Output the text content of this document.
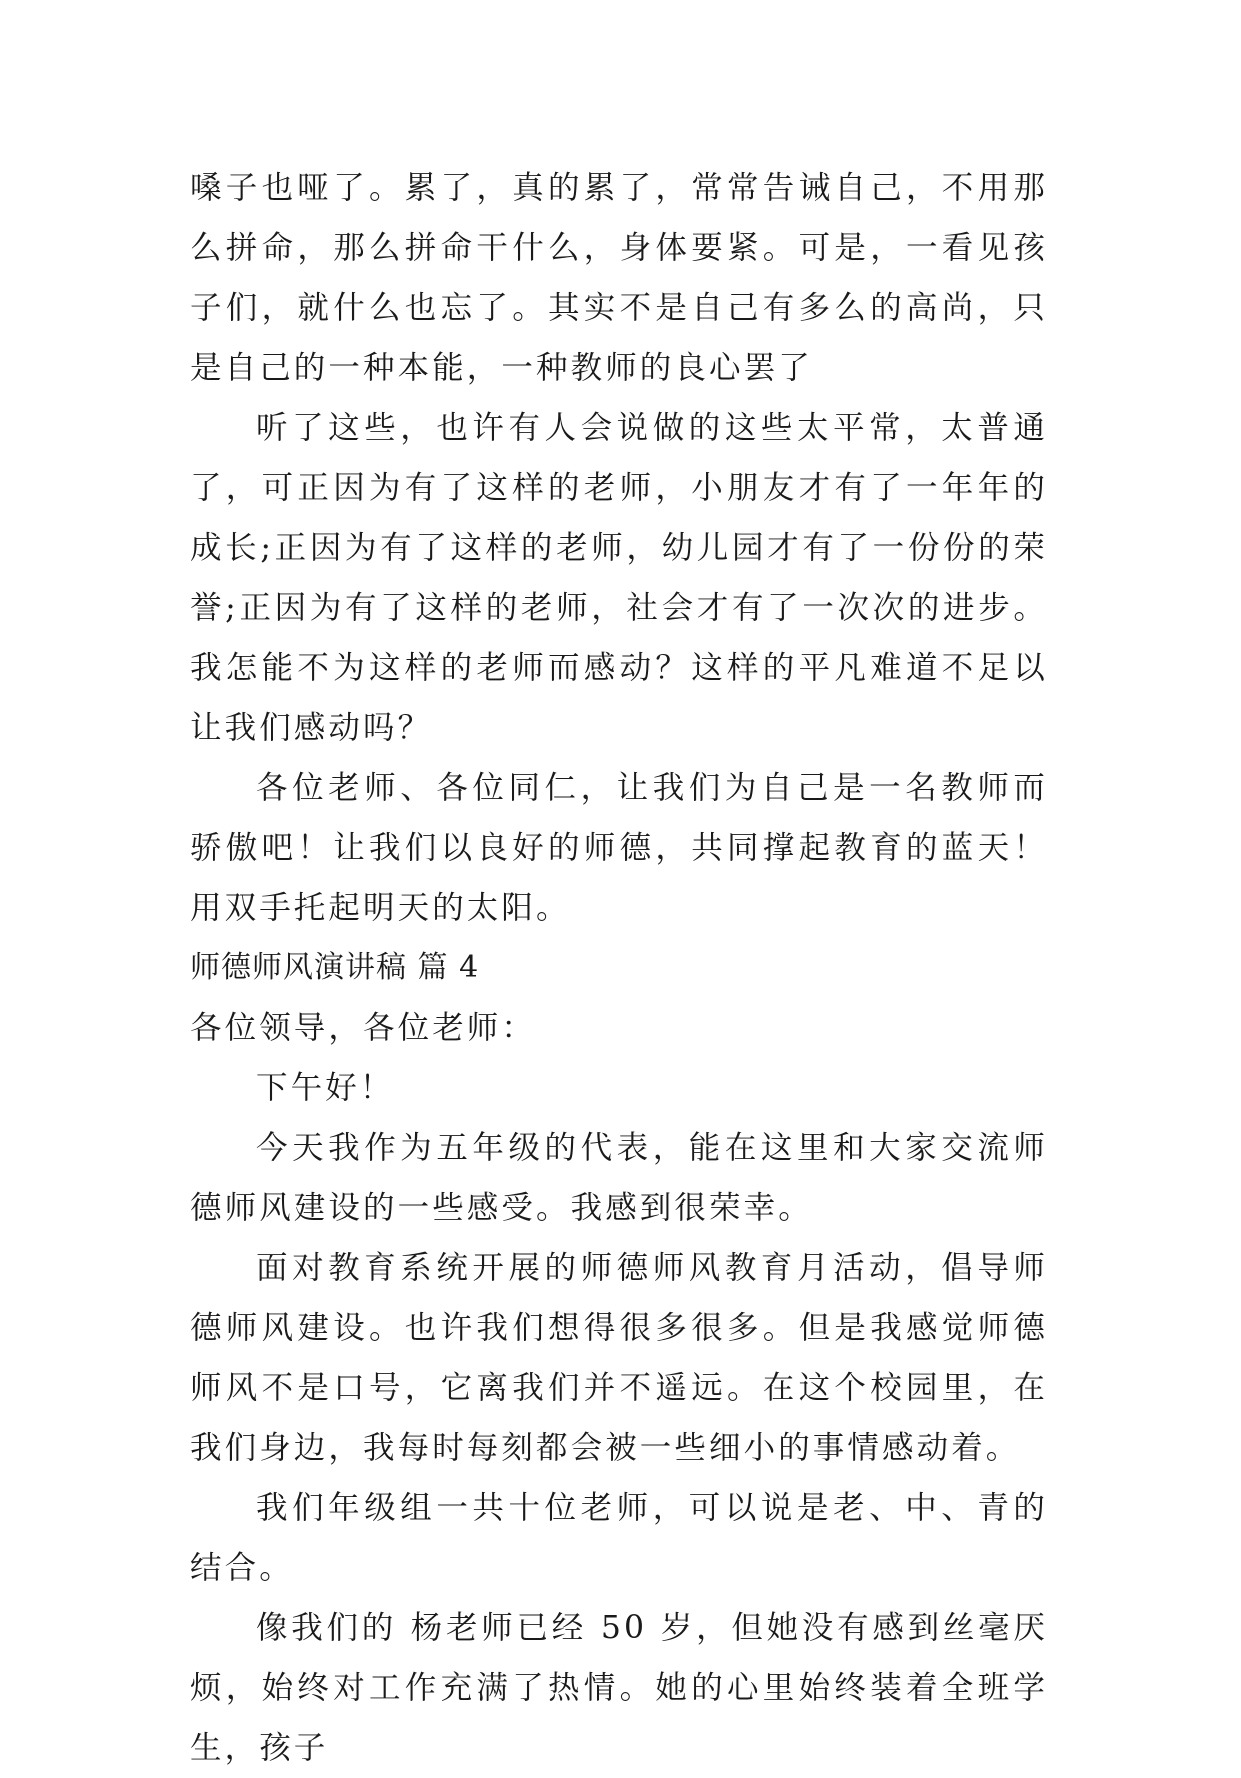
嗓子也哑了。累了，真的累了，常常告诫自己，不用那么拼命，那么拼命干什么，身体要紧。可是，一看见孩子们，就什么也忘了。其实不是自己有多么的高尚，只是自己的一种本能，一种教师的良心罢了

听了这些，也许有人会说做的这些太平常，太普通了，可正因为有了这样的老师，小朋友才有了一年年的成长;正因为有了这样的老师，幼儿园才有了一份份的荣誉;正因为有了这样的老师，社会才有了一次次的进步。我怎能不为这样的老师而感动？这样的平凡难道不足以让我们感动吗？

各位老师、各位同仁，让我们为自己是一名教师而骄傲吧！让我们以良好的师德，共同撑起教育的蓝天！用双手托起明天的太阳。

师德师风演讲稿 篇 4

各位领导，各位老师：

下午好！

今天我作为五年级的代表，能在这里和大家交流师德师风建设的一些感受。我感到很荣幸。

面对教育系统开展的师德师风教育月活动，倡导师德师风建设。也许我们想得很多很多。但是我感觉师德师风不是口号，它离我们并不遥远。在这个校园里，在我们身边，我每时每刻都会被一些细小的事情感动着。

我们年级组一共十位老师，可以说是老、中、青的结合。

像我们的 杨老师已经 50 岁，但她没有感到丝毫厌烦，始终对工作充满了热情。她的心里始终装着全班学生，孩子
